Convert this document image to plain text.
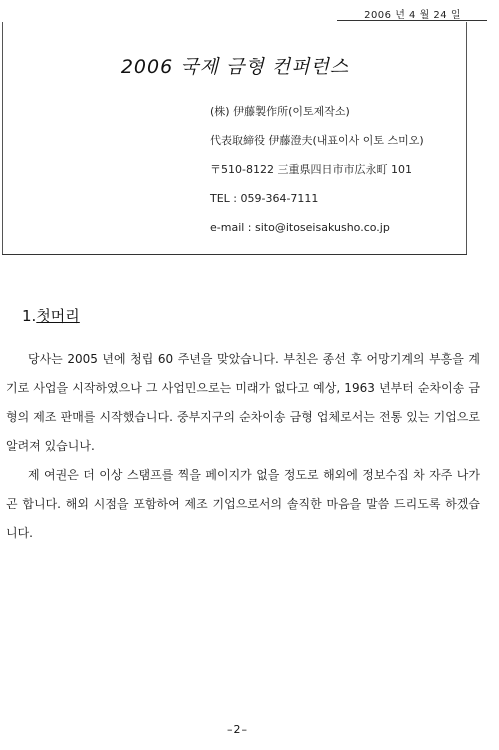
2006 년 4 월 24 일
2006 국제 금형 컨퍼런스
(株) 伊藤製作所(이토제작소)
代表取締役 伊藤澄夫(내표이사 이토 스미오)
〒510-8122 三重県四日市市広永町 101
TEL : 059-364-7111
e-mail : sito@itoseisakusho.co.jp
1.첫머리

당사는 2005 년에 청립 60 주년을 맞았습니다. 부친은 종선 후 어망기계의 부흥을 계기로 사업을 시작하였으나 그 사업민으로는 미래가 없다고 예상, 1963 년부터 순차이송 금형의 제조 판매를 시작했습니다. 중부지구의 순차이송 금형 업체로서는 전통 있는 기업으로 알려져 있습니나.

제 여권은 더 이상 스탬프를 찍을 페이지가 없을 정도로 해외에 정보수집 차 자주 나가곤 합니다. 해외 시점을 포함하여 제조 기업으로서의 솔직한 마음을 말씀 드리도록 하겠습니다.

–2–
